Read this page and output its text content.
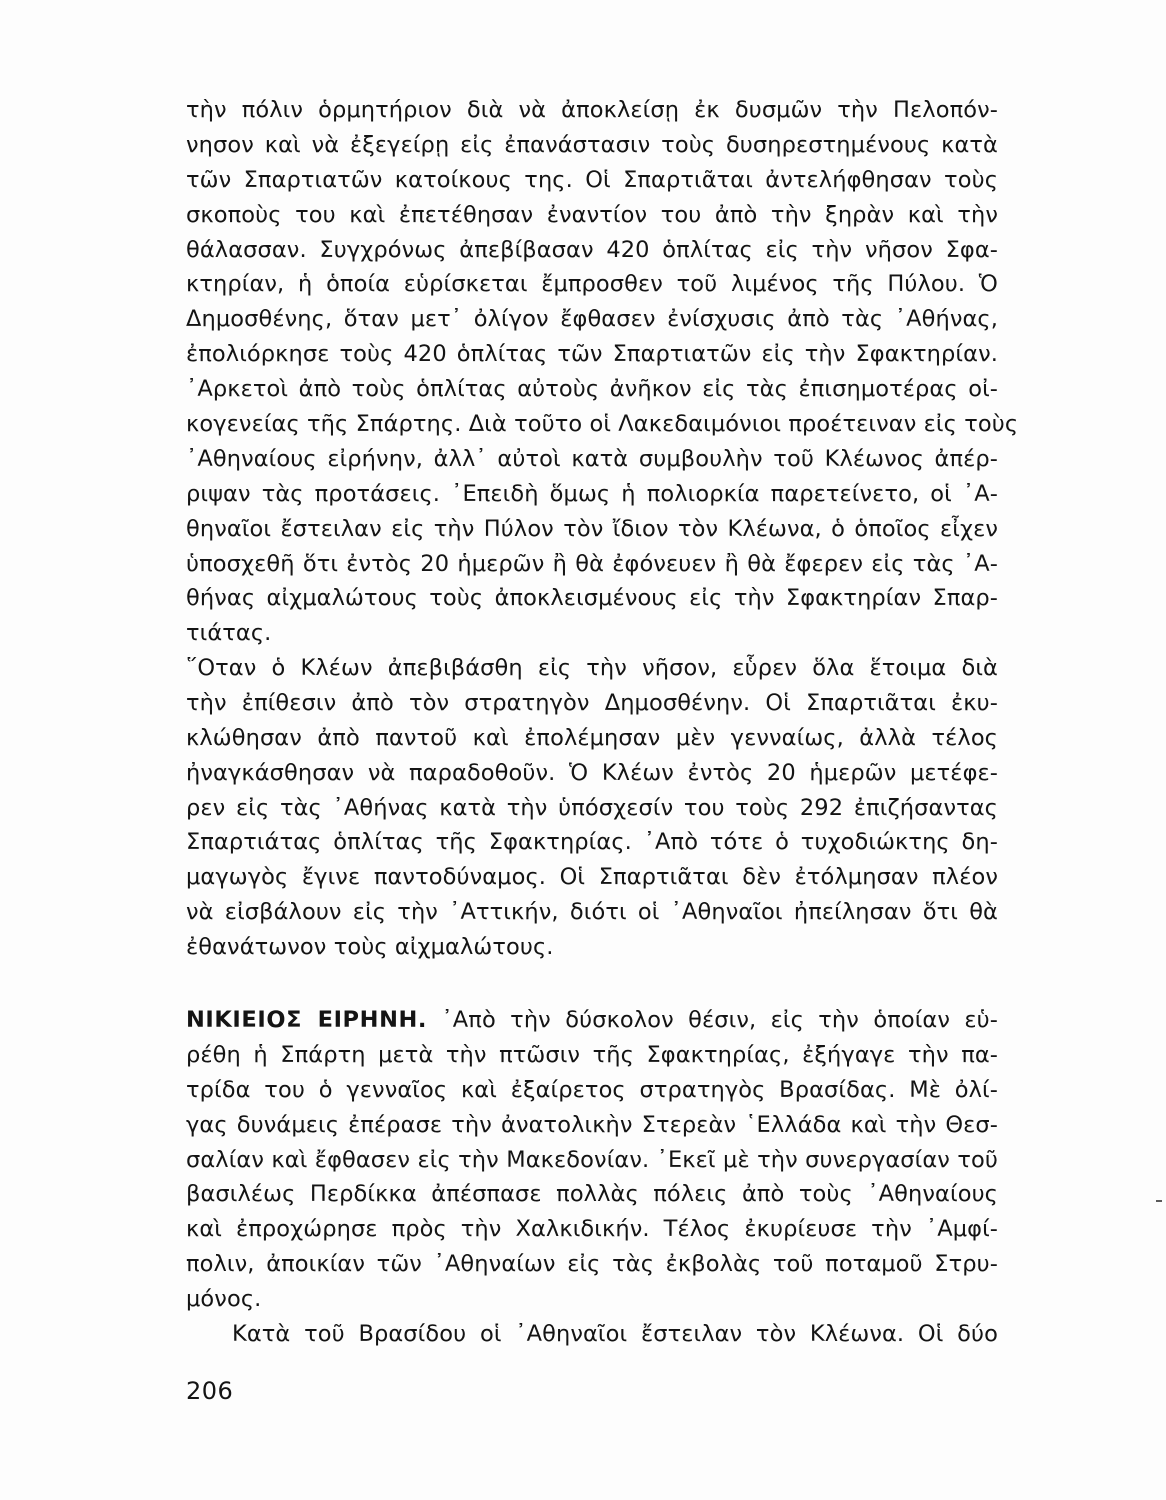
τὴν πόλιν ὁρμητήριον διὰ νὰ ἀποκλείσῃ ἐκ δυσμῶν τὴν Πελοπόν-
νησον καὶ νὰ ἐξεγείρῃ εἰς ἐπανάστασιν τοὺς δυσηρεστημένους κατὰ
τῶν Σπαρτιατῶν κατοίκους της. Οἱ Σπαρτιᾶται ἀντελήφθησαν τοὺς
σκοποὺς του καὶ ἐπετέθησαν ἐναντίον του ἀπὸ τὴν ξηρὰν καὶ τὴν
θάλασσαν. Συγχρόνως ἀπεβίβασαν 420 ὁπλίτας εἰς τὴν νῆσον Σφα-
κτηρίαν, ἡ ὁποία εὑρίσκεται ἔμπροσθεν τοῦ λιμένος τῆς Πύλου. Ὁ
Δημοσθένης, ὅταν μετ᾽ ὀλίγον ἔφθασεν ἐνίσχυσις ἀπὸ τὰς ᾽Αθήνας,
ἐπολιόρκησε τοὺς 420 ὁπλίτας τῶν Σπαρτιατῶν εἰς τὴν Σφακτηρίαν.
᾽Αρκετοὶ ἀπὸ τοὺς ὁπλίτας αὐτοὺς ἀνῆκον εἰς τὰς ἐπισημοτέρας οἰ-
κογενείας τῆς Σπάρτης. Διὰ τοῦτο οἱ Λακεδαιμόνιοι προέτειναν εἰς τοὺς
᾽Αθηναίους εἰρήνην, ἀλλ᾽ αὐτοὶ κατὰ συμβουλὴν τοῦ Κλέωνος ἀπέρ-
ριψαν τὰς προτάσεις. ᾽Επειδὴ ὅμως ἡ πολιορκία παρετείνετο, οἱ ᾽Α-
θηναῖοι ἔστειλαν εἰς τὴν Πύλον τὸν ἴδιον τὸν Κλέωνα, ὁ ὁποῖος εἶχεν
ὑποσχεθῆ ὅτι ἐντὸς 20 ἡμερῶν ἢ θὰ ἐφόνευεν ἢ θὰ ἔφερεν εἰς τὰς ᾽Α-
θήνας αἰχμαλώτους τοὺς ἀποκλεισμένους εἰς τὴν Σφακτηρίαν Σπαρ-
τιάτας.
῞Οταν ὁ Κλέων ἀπεβιβάσθη εἰς τὴν νῆσον, εὗρεν ὅλα ἕτοιμα διὰ
τὴν ἐπίθεσιν ἀπὸ τὸν στρατηγὸν Δημοσθένην. Οἱ Σπαρτιᾶται ἐκυ-
κλώθησαν ἀπὸ παντοῦ καὶ ἐπολέμησαν μὲν γενναίως, ἀλλὰ τέλος
ἠναγκάσθησαν νὰ παραδοθοῦν. Ὁ Κλέων ἐντὸς 20 ἡμερῶν μετέφε-
ρεν εἰς τὰς ᾽Αθήνας κατὰ τὴν ὑπόσχεσίν του τοὺς 292 ἐπιζήσαντας
Σπαρτιάτας ὁπλίτας τῆς Σφακτηρίας. ᾽Απὸ τότε ὁ τυχοδιώκτης δη-
μαγωγὸς ἔγινε παντοδύναμος. Οἱ Σπαρτιᾶται δὲν ἐτόλμησαν πλέον
νὰ εἰσβάλουν εἰς τὴν ᾽Αττικήν, διότι οἱ ᾽Αθηναῖοι ἠπείλησαν ὅτι θὰ
ἐθανάτωνον τοὺς αἰχμαλώτους.
ΝΙΚΙΕΙΟΣ ΕΙΡΗΝΗ. ᾽Απὸ τὴν δύσκολον θέσιν, εἰς τὴν ὁποίαν εὑ-
ρέθη ἡ Σπάρτη μετὰ τὴν πτῶσιν τῆς Σφακτηρίας, ἐξήγαγε τὴν πα-
τρίδα του ὁ γενναῖος καὶ ἐξαίρετος στρατηγὸς Βρασίδας. Μὲ ὀλί-
γας δυνάμεις ἐπέρασε τὴν ἀνατολικὴν Στερεὰν ῾Ελλάδα καὶ τὴν Θεσ-
σαλίαν καὶ ἔφθασεν εἰς τὴν Μακεδονίαν. ᾽Εκεῖ μὲ τὴν συνεργασίαν τοῦ
βασιλέως Περδίκκα ἀπέσπασε πολλὰς πόλεις ἀπὸ τοὺς ᾽Αθηναίους
καὶ ἐπροχώρησε πρὸς τὴν Χαλκιδικήν. Τέλος ἐκυρίευσε τὴν ᾽Αμφί-
πολιν, ἀποικίαν τῶν ᾽Αθηναίων εἰς τὰς ἐκβολὰς τοῦ ποταμοῦ Στρυ-
μόνος.
Κατὰ τοῦ Βρασίδου οἱ ᾽Αθηναῖοι ἔστειλαν τὸν Κλέωνα. Οἱ δύο
206
